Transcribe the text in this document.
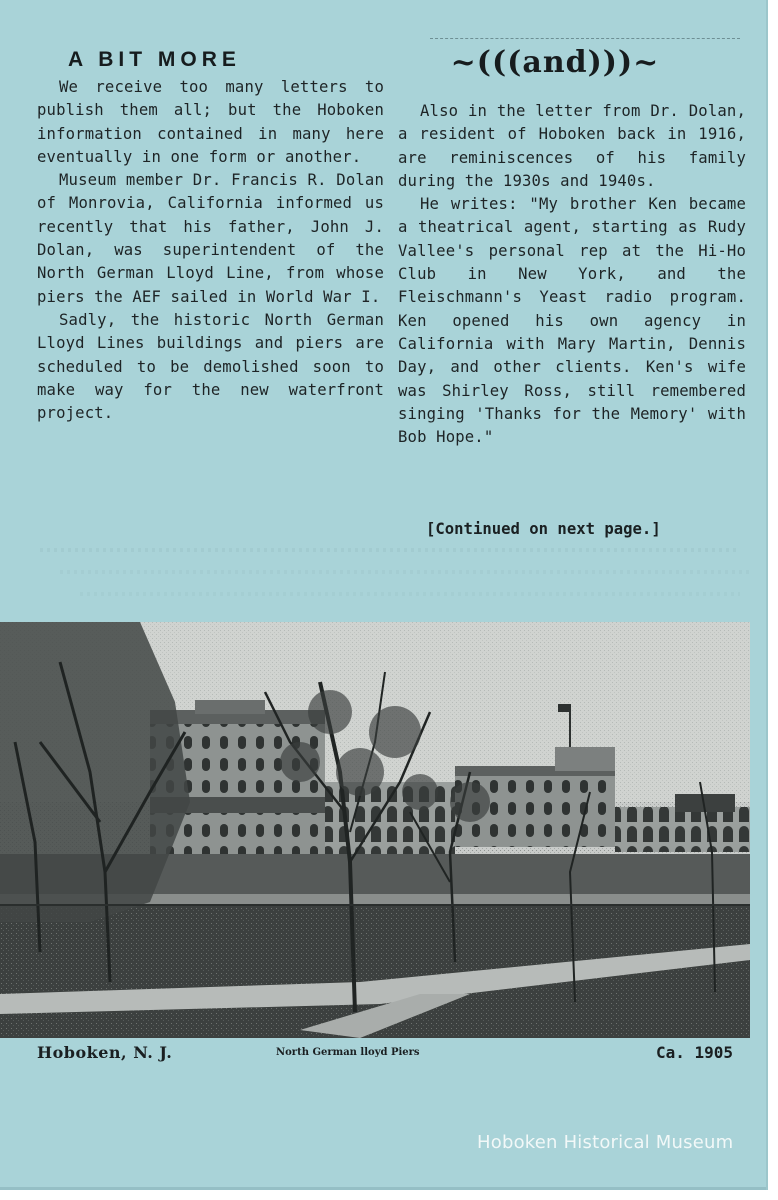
A BIT MORE	~(((and)))~

We receive too many letters to publish them all; but the Hoboken information contained in many here eventually in one form or another.

Museum member Dr. Francis R. Dolan of Monrovia, California informed us recently that his father, John J. Dolan, was superintendent of the North German Lloyd Line, from whose piers the AEF sailed in World War I.

Sadly, the historic North German Lloyd Lines buildings and piers are scheduled to be demolished soon to make way for the new waterfront project.

Also in the letter from Dr. Dolan, a resident of Hoboken back in 1916, are reminiscences of his family during the 1930s and 1940s.

He writes: "My brother Ken became a theatrical agent, starting as Rudy Vallee's personal rep at the Hi-Ho Club in New York, and the Fleischmann's Yeast radio program. Ken opened his own agency in California with Mary Martin, Dennis Day, and other clients. Ken's wife was Shirley Ross, still remembered singing 'Thanks for the Memory' with Bob Hope."

[Continued on next page.]
Hoboken, N. J.	North German lloyd Piers	Ca. 1905
Hoboken Historical Museum
